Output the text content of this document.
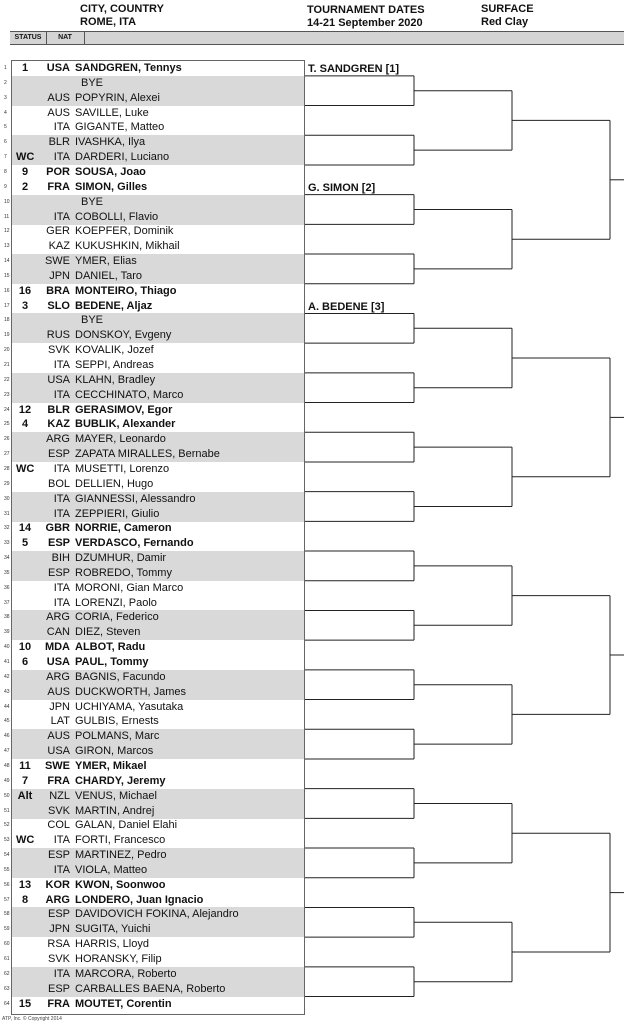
CITY, COUNTRY
ROME, ITA
TOURNAMENT DATES
14-21 September 2020
SURFACE
Red Clay
STATUS	NAT
1	1	USA SANDGREN, Tennys
2	BYE
3	AUS POPYRIN, Alexei
4	AUS SAVILLE, Luke
5	ITA GIGANTE, Matteo
6	BLR IVASHKA, Ilya
7 WC	ITA DARDERI, Luciano
8	9	POR SOUSA, Joao
9	2	FRA SIMON, Gilles
10	BYE
11	ITA COBOLLI, Flavio
12	GER KOEPFER, Dominik
13	KAZ KUKUSHKIN, Mikhail
14	SWE YMER, Elias
15	JPN DANIEL, Taro
16 16 BRA MONTEIRO, Thiago
17	3	SLO BEDENE, Aljaz
18	BYE
19	RUS DONSKOY, Evgeny
20	SVK KOVALIK, Jozef
21	ITA SEPPI, Andreas
22	USA KLAHN, Bradley
23	ITA CECCHINATO, Marco
24 12	BLR GERASIMOV, Egor
25	4	KAZ BUBLIK, Alexander
26	ARG MAYER, Leonardo
27	ESP ZAPATA MIRALLES, Bernabe
28 WC	ITA MUSETTI, Lorenzo
29	BOL DELLIEN, Hugo
30	ITA GIANNESSI, Alessandro
31	ITA ZEPPIERI, Giulio
32 14 GBR NORRIE, Cameron
33	5	ESP VERDASCO, Fernando
34	BIH DZUMHUR, Damir
35	ESP ROBREDO, Tommy
36	ITA MORONI, Gian Marco
37	ITA LORENZI, Paolo
38	ARG CORIA, Federico
39	CAN DIEZ, Steven
40 10 MDA ALBOT, Radu
41	6	USA PAUL, Tommy
42	ARG BAGNIS, Facundo
43	AUS DUCKWORTH, James
44	JPN UCHIYAMA, Yasutaka
45	LAT GULBIS, Ernests
46	AUS POLMANS, Marc
47	USA GIRON, Marcos
48 11 SWE YMER, Mikael
49	7	FRA CHARDY, Jeremy
50 Alt	NZL VENUS, Michael
51	SVK MARTIN, Andrej
52	COL GALAN, Daniel Elahi
53 WC	ITA FORTI, Francesco
54	ESP MARTINEZ, Pedro
55	ITA VIOLA, Matteo
56 13 KOR KWON, Soonwoo
57	8	ARG LONDERO, Juan Ignacio
58	ESP DAVIDOVICH FOKINA, Alejandro
59	JPN SUGITA, Yuichi
60	RSA HARRIS, Lloyd
61	SVK HORANSKY, Filip
62	ITA MARCORA, Roberto
63	ESP CARBALLES BAENA, Roberto
64 15	FRA MOUTET, Corentin
T. SANDGREN [1]
G. SIMON [2]
A. BEDENE [3]
ATP, Inc. © Copyright 2014
